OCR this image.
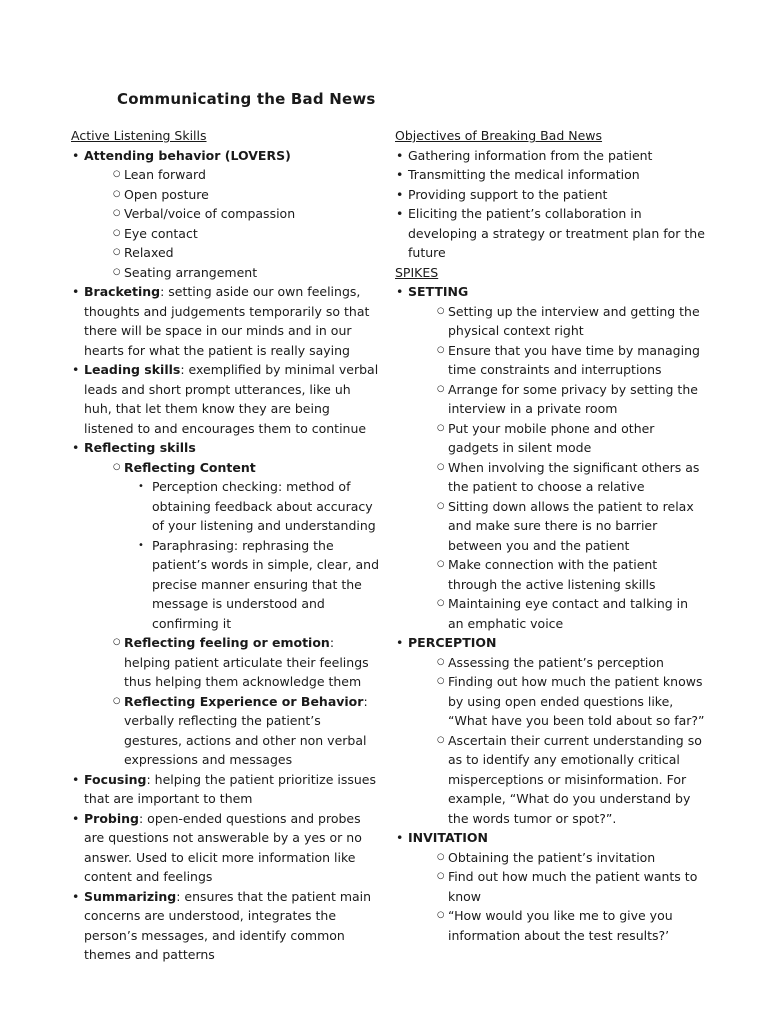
Communicating the Bad News
Active Listening Skills
• Attending behavior (LOVERS)
○ Lean forward
○ Open posture
○ Verbal/voice of compassion
○ Eye contact
○ Relaxed
○ Seating arrangement
• Bracketing: setting aside our own feelings, thoughts and judgements temporarily so that there will be space in our minds and in our hearts for what the patient is really saying
• Leading skills: exemplified by minimal verbal leads and short prompt utterances, like uh huh, that let them know they are being listened to and encourages them to continue
• Reflecting skills
○ Reflecting Content
• Perception checking: method of obtaining feedback about accuracy of your listening and understanding
• Paraphrasing: rephrasing the patient’s words in simple, clear, and precise manner ensuring that the message is understood and confirming it
○ Reflecting feeling or emotion: helping patient articulate their feelings thus helping them acknowledge them
○ Reflecting Experience or Behavior: verbally reflecting the patient’s gestures, actions and other non verbal expressions and messages
• Focusing: helping the patient prioritize issues that are important to them
• Probing: open-ended questions and probes are questions not answerable by a yes or no answer. Used to elicit more information like content and feelings
• Summarizing: ensures that the patient main concerns are understood, integrates the person’s messages, and identify common themes and patterns
Objectives of Breaking Bad News
• Gathering information from the patient
• Transmitting the medical information
• Providing support to the patient
• Eliciting the patient’s collaboration in developing a strategy or treatment plan for the future
SPIKES
• SETTING
○ Setting up the interview and getting the physical context right
○ Ensure that you have time by managing time constraints and interruptions
○ Arrange for some privacy by setting the interview in a private room
○ Put your mobile phone and other gadgets in silent mode
○ When involving the significant others as the patient to choose a relative
○ Sitting down allows the patient to relax and make sure there is no barrier between you and the patient
○ Make connection with the patient through the active listening skills
○ Maintaining eye contact and talking in an emphatic voice
• PERCEPTION
○ Assessing the patient’s perception
○ Finding out how much the patient knows by using open ended questions like, “What have you been told about so far?”
○ Ascertain their current understanding so as to identify any emotionally critical misperceptions or misinformation. For example, “What do you understand by the words tumor or spot?”.
• INVITATION
○ Obtaining the patient’s invitation
○ Find out how much the patient wants to know
○ “How would you like me to give you information about the test results?’
